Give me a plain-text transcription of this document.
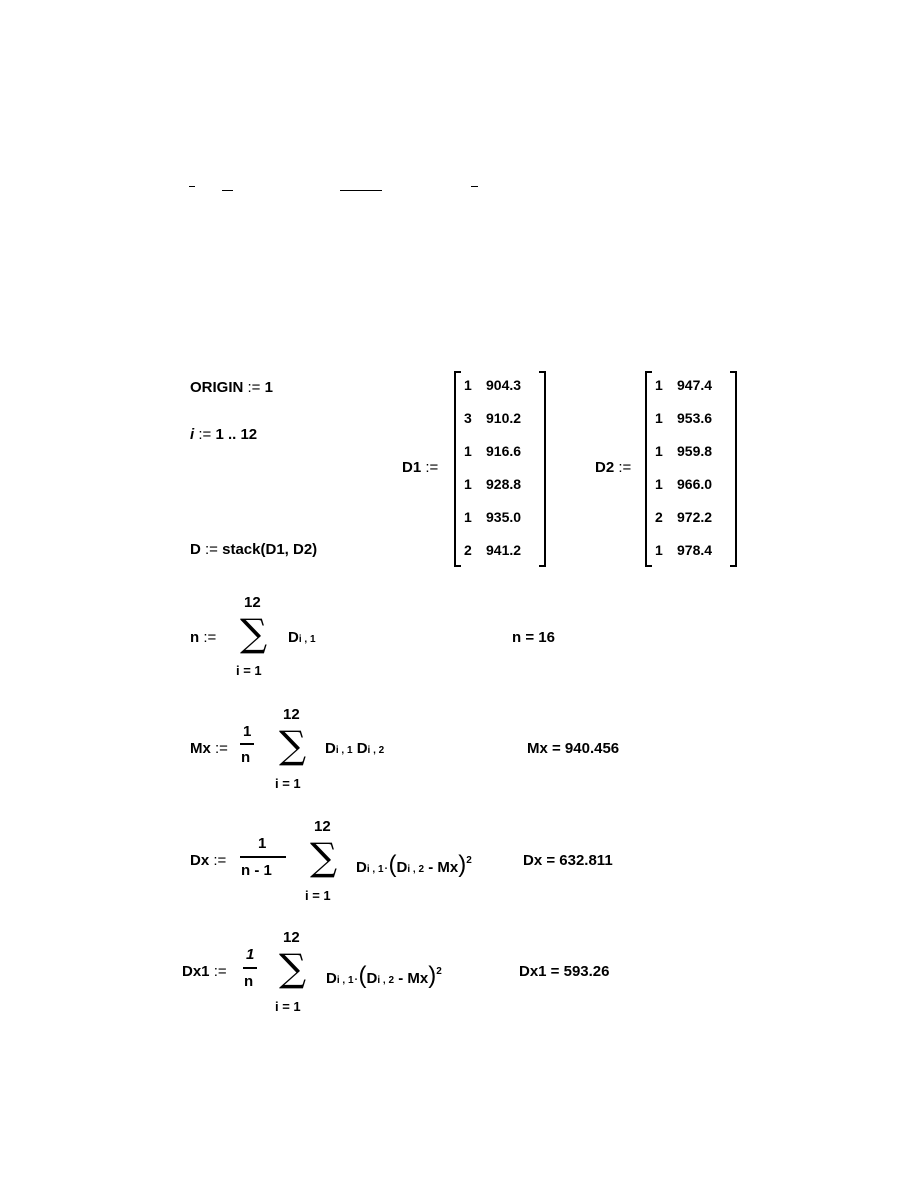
ORIGIN := 1
i := 1 .. 12
D := stack(D1, D2)
D1 :=
1 904.3
3 910.2
1 916.6
1 928.8
1 935.0
2 941.2
D2 :=
1 947.4
1 953.6
1 959.8
1 966.0
2 972.2
1 978.4
n :=
12
∑
i = 1
Di , 1	n = 16
Mx :=
1
n
12
∑
i = 1
Di , 1 Di , 2	Mx = 940.456
Dx :=
1
n - 1
12
∑
i = 1
Di , 1·(Di , 2 - Mx)$^2$	Dx = 632.811
Dx1 :=
1
n
12
∑
i = 1
Di , 1·(Di , 2 - Mx)$^2$	Dx1 = 593.26
